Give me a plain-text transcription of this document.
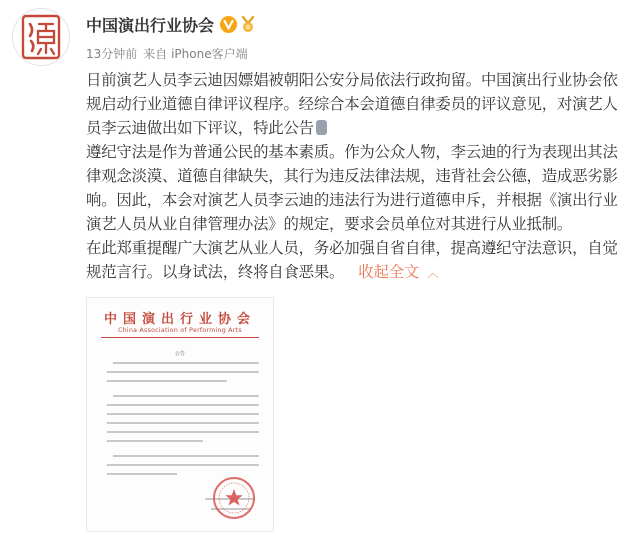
中国演出行业协会
13分钟前 来自 iPhone客户端

日前演艺人员李云迪因嫖娼被朝阳公安分局依法行政拘留。中国演出行业协会依规启动行业道德自律评议程序。经综合本会道德自律委员的评议意见，对演艺人员李云迪做出如下评议，特此公告

遵纪守法是作为普通公民的基本素质。作为公众人物，李云迪的行为表现出其法律观念淡漠、道德自律缺失，其行为违反法律法规，违背社会公德，造成恶劣影响。因此，本会对演艺人员李云迪的违法行为进行道德申斥，并根据《演出行业演艺人员从业自律管理办法》的规定，要求会员单位对其进行从业抵制。

在此郑重提醒广大演艺从业人员，务必加强自省自律，提高遵纪守法意识，自觉规范言行。以身试法，终将自食恶果。 收起全文 ︿

中国演出行业协会
China Association of Performing Arts
公告
